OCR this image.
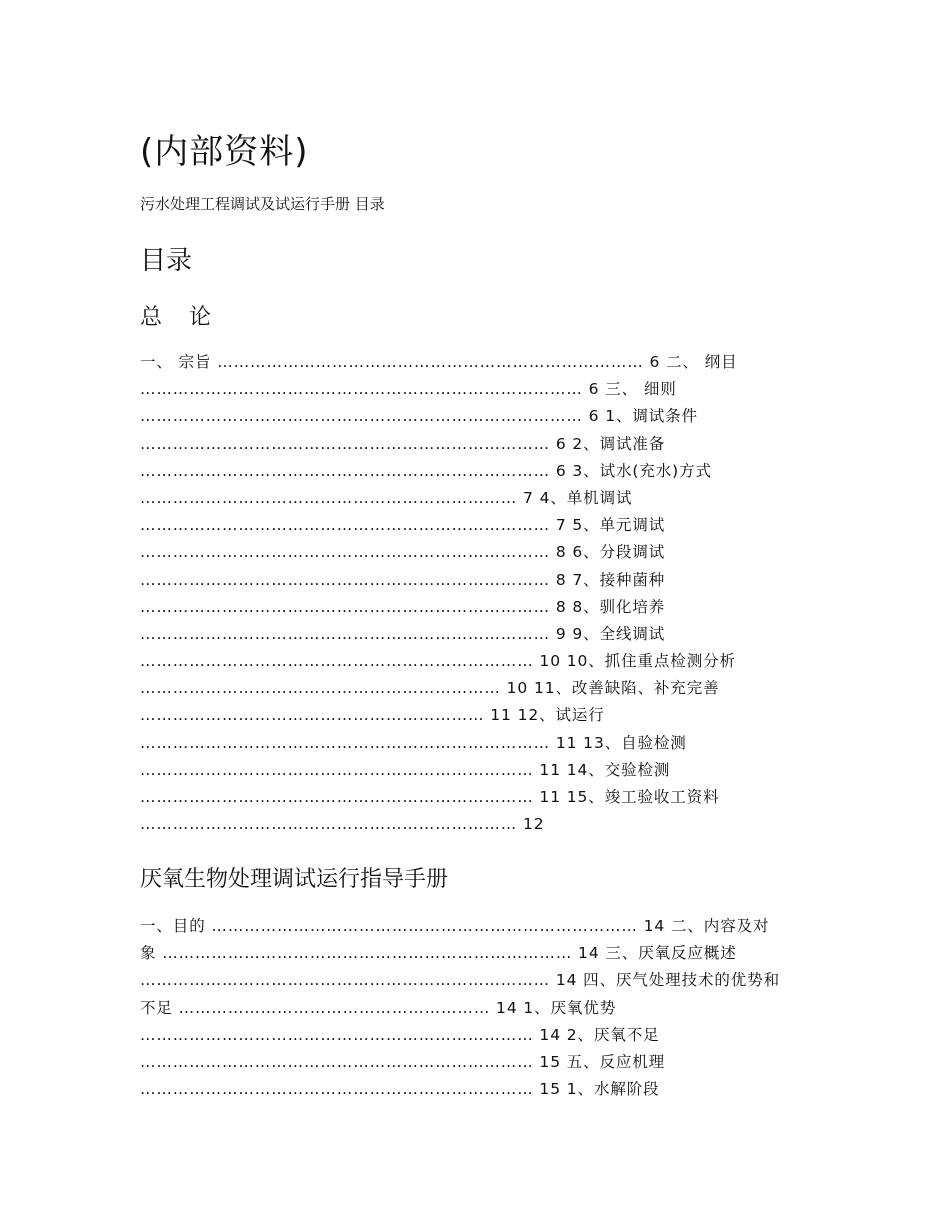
(内部资料)

污水处理工程调试及试运行手册 目录

目录
总 论
一、 宗旨 …………………………………………………………………… 6 二、 纲目
……………………………………………………………………… 6 三、 细则
……………………………………………………………………… 6 1、调试条件
………………………………………………………………… 6 2、调试准备
………………………………………………………………… 6 3、试水(充水)方式
…………………………………………………………… 7 4、单机调试
………………………………………………………………… 7 5、单元调试
………………………………………………………………… 8 6、分段调试
………………………………………………………………… 8 7、接种菌种
………………………………………………………………… 8 8、驯化培养
………………………………………………………………… 9 9、全线调试
……………………………………………………………… 10 10、抓住重点检测分析
………………………………………………………… 10 11、改善缺陷、补充完善
……………………………………………………… 11 12、试运行
………………………………………………………………… 11 13、自验检测
……………………………………………………………… 11 14、交验检测
……………………………………………………………… 11 15、竣工验收工资料
…………………………………………………………… 12
厌氧生物处理调试运行指导手册
一、目的 …………………………………………………………………… 14 二、内容及对
象 ………………………………………………………………… 14 三、厌氧反应概述
………………………………………………………………… 14 四、厌气处理技术的优势和
不足 ………………………………………………… 14 1、厌氧优势
……………………………………………………………… 14 2、厌氧不足
……………………………………………………………… 15 五、反应机理
……………………………………………………………… 15 1、水解阶段
